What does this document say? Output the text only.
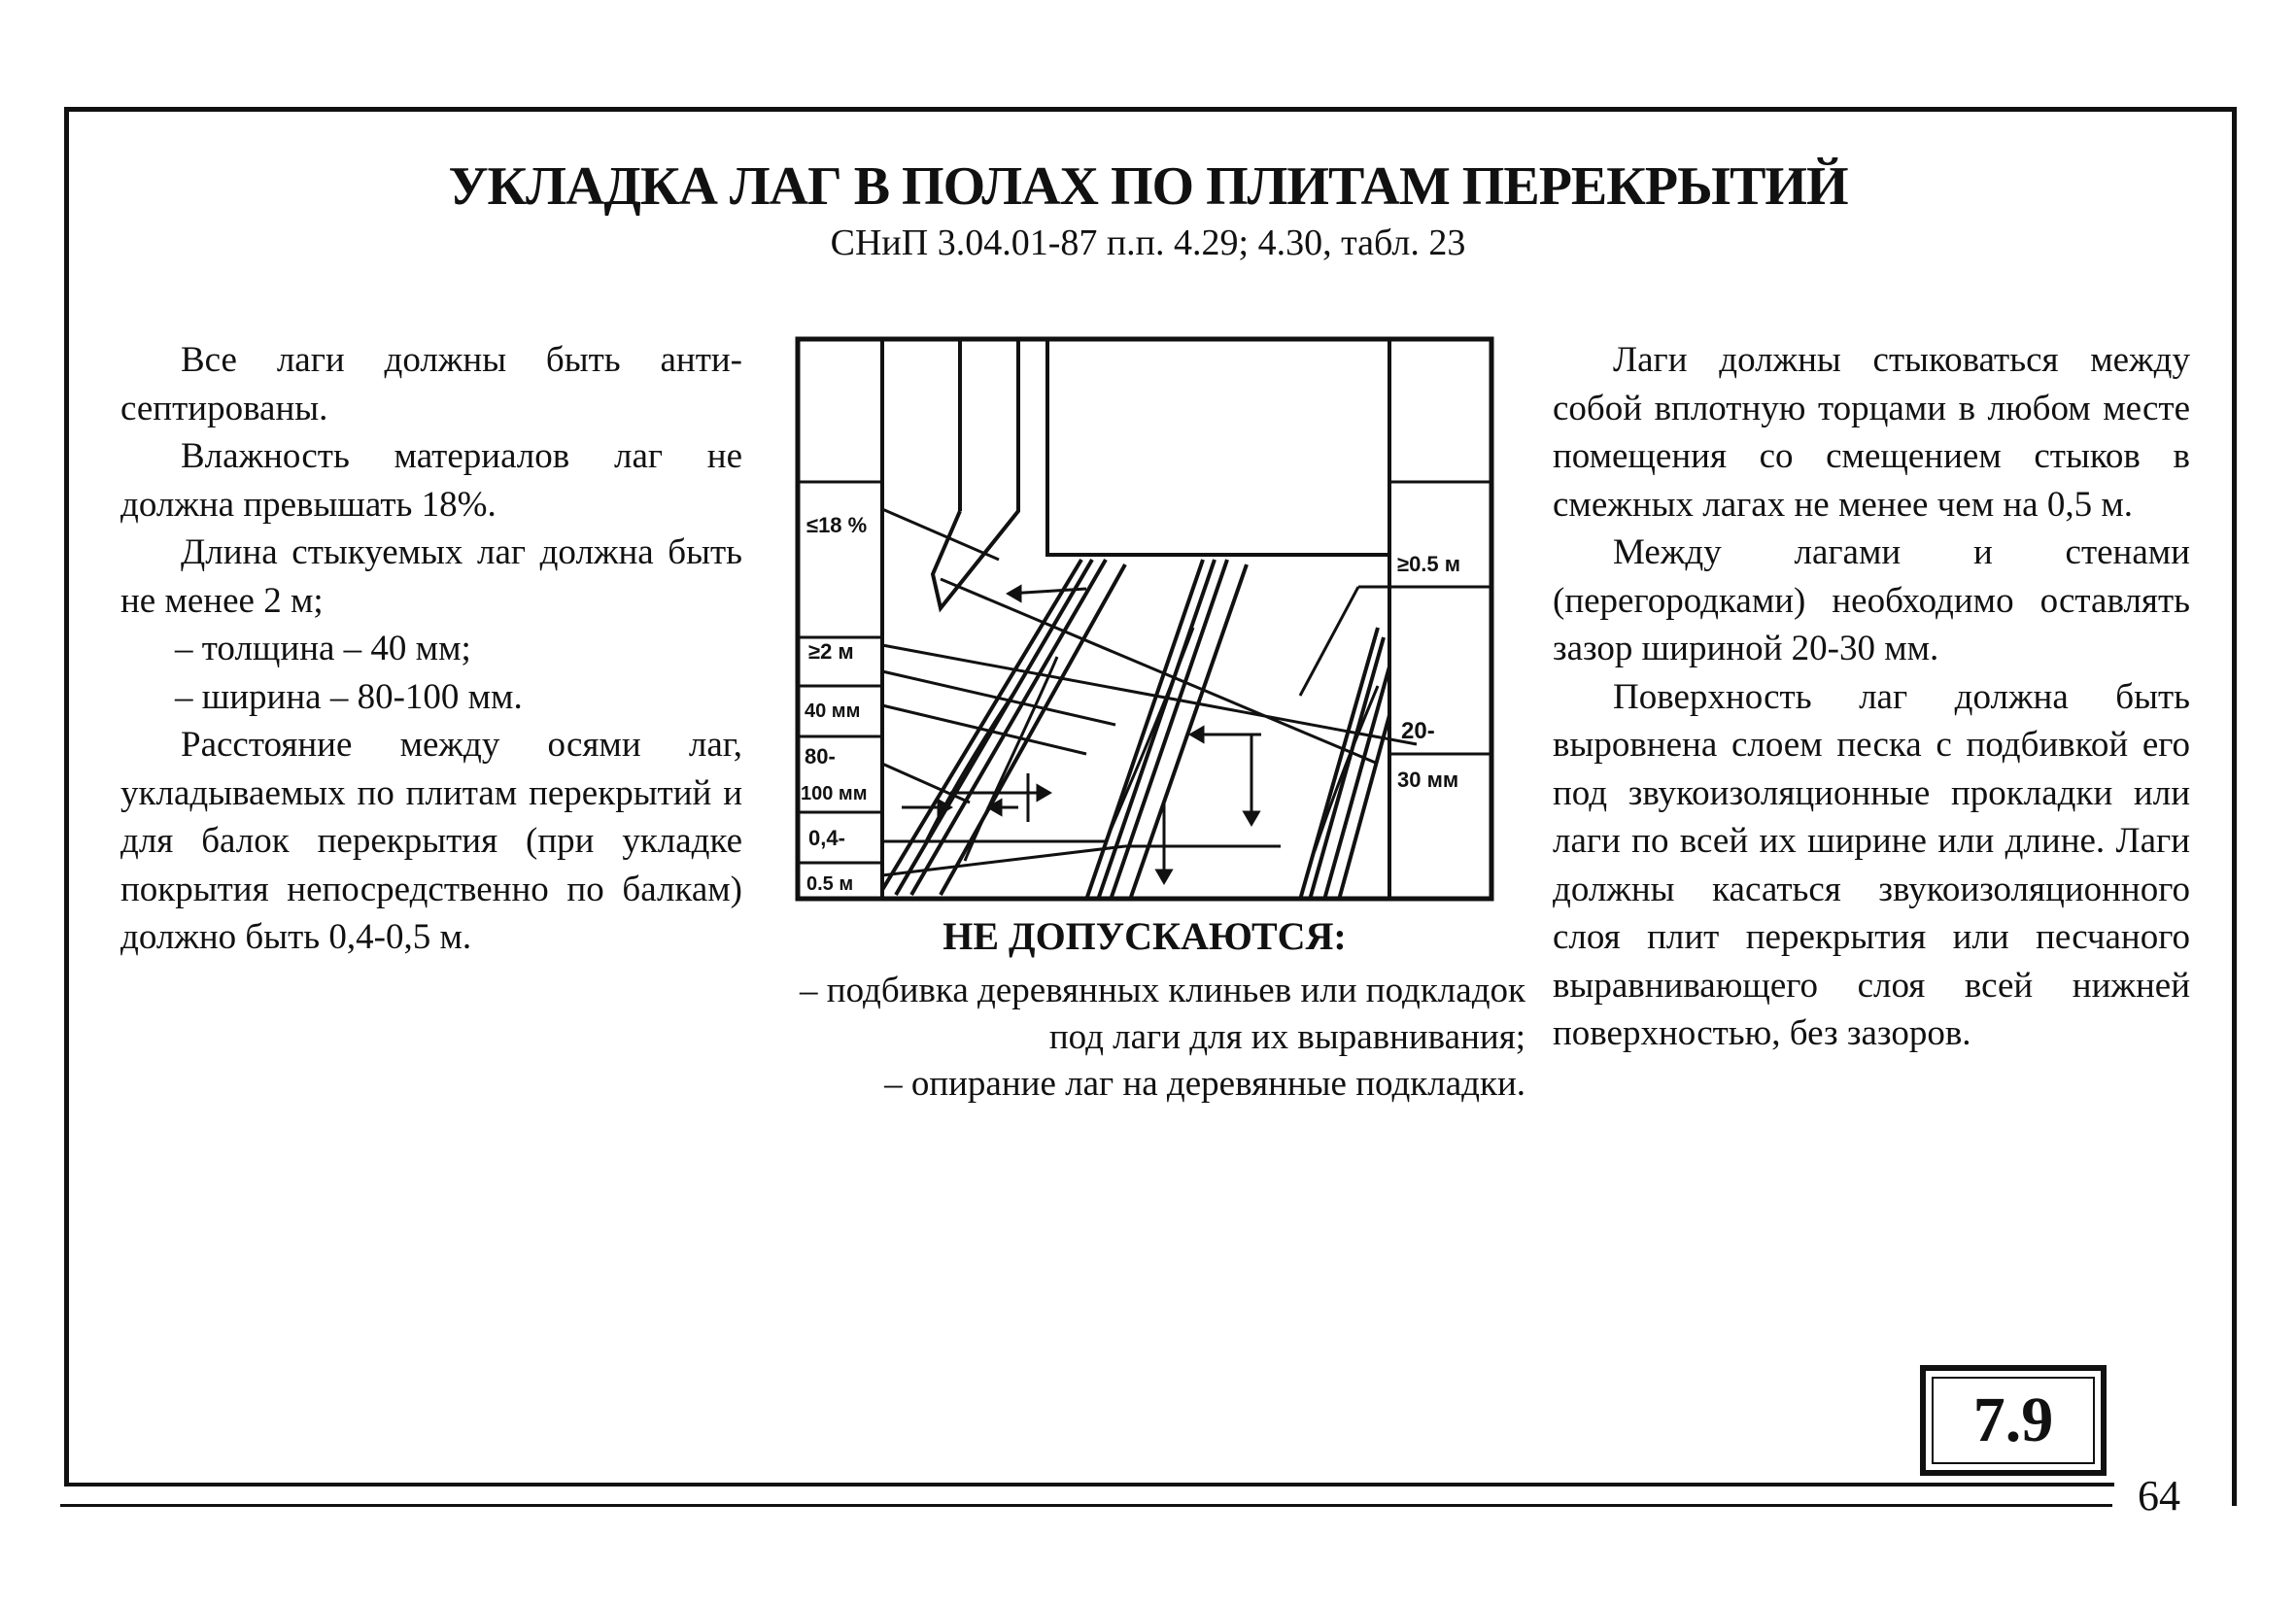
УКЛАДКА ЛАГ В ПОЛАХ ПО ПЛИТАМ ПЕРЕКРЫТИЙ
СНиП 3.04.01-87 п.п. 4.29; 4.30, табл. 23

Все лаги должны быть анти-септированы.

Влажность материалов лаг не должна превышать 18%.

Длина стыкуемых лаг должна быть не менее 2 м;

– толщина – 40 мм;

– ширина – 80-100 мм.

Расстояние между осями лаг, укладываемых по плитам перекрытий и для балок перекрытия (при укладке покрытия непосредственно по балкам) должно быть 0,4-0,5 м.

≤18 %
≥2 м
40 мм
80-
100 мм
0,4-
0.5 м
≥0.5 м
20-
30 мм
НЕ ДОПУСКАЮТСЯ:

– подбивка деревянных клиньев или подкладок под лаги для их выравнивания;

– опирание лаг на деревянные подкладки.

Лаги должны стыковаться между собой вплотную торцами в любом месте помещения со смещением стыков в смежных лагах не менее чем на 0,5 м.

Между лагами и стенами (перегородками) необходимо оставлять зазор шириной 20-30 мм.

Поверхность лаг должна быть выровнена слоем песка с подбивкой его под звукоизоляционные прокладки или лаги по всей их ширине или длине. Лаги должны касаться звукоизоляционного слоя плит перекрытия или песчаного выравнивающего слоя всей нижней поверхностью, без зазоров.

7.9
64
